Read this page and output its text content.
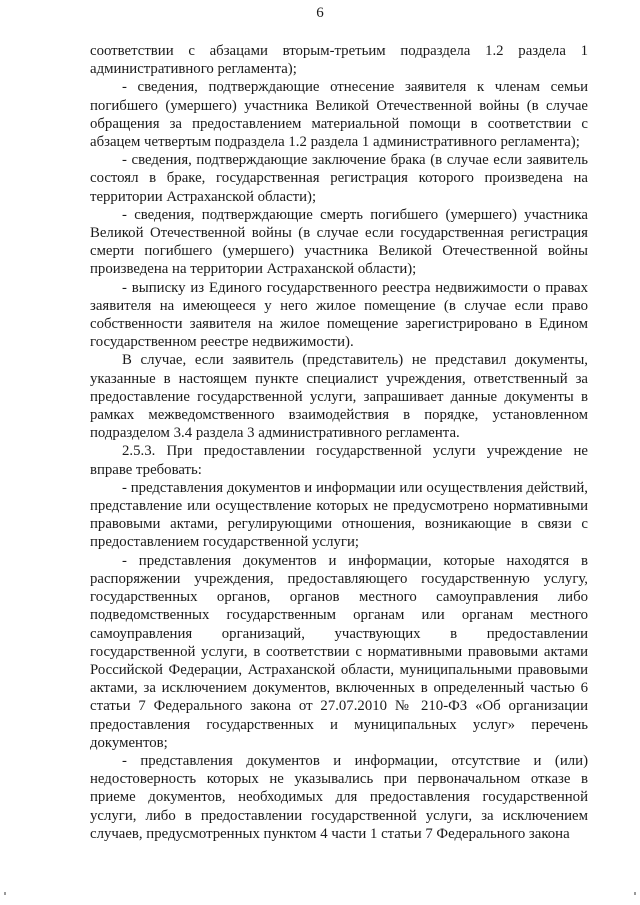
6

соответствии с абзацами вторым-третьим подраздела 1.2 раздела 1 административного регламента);

- сведения, подтверждающие отнесение заявителя к членам семьи погибшего (умершего) участника Великой Отечественной войны (в случае обращения за предоставлением материальной помощи в соответствии с абзацем четвертым подраздела 1.2 раздела 1 административного регламента);

- сведения, подтверждающие заключение брака (в случае если заявитель состоял в браке, государственная регистрация которого произведена на территории Астраханской области);

- сведения, подтверждающие смерть погибшего (умершего) участника Великой Отечественной войны (в случае если государственная регистрация смерти погибшего (умершего) участника Великой Отечественной войны произведена на территории Астраханской области);

- выписку из Единого государственного реестра недвижимости о правах заявителя на имеющееся у него жилое помещение (в случае если право собственности заявителя на жилое помещение зарегистрировано в Едином государственном реестре недвижимости).

В случае, если заявитель (представитель) не представил документы, указанные в настоящем пункте специалист учреждения, ответственный за предоставление государственной услуги, запрашивает данные документы в рамках межведомственного взаимодействия в порядке, установленном подразделом 3.4 раздела 3 административного регламента.

2.5.3. При предоставлении государственной услуги учреждение не вправе требовать:

- представления документов и информации или осуществления действий, представление или осуществление которых не предусмотрено нормативными правовыми актами, регулирующими отношения, возникающие в связи с предоставлением государственной услуги;

- представления документов и информации, которые находятся в распоряжении учреждения, предоставляющего государственную услугу, государственных органов, органов местного самоуправления либо подведомственных государственным органам или органам местного самоуправления организаций, участвующих в предоставлении государственной услуги, в соответствии с нормативными правовыми актами Российской Федерации, Астраханской области, муниципальными правовыми актами, за исключением документов, включенных в определенный частью 6 статьи 7 Федерального закона от 27.07.2010 № 210-ФЗ «Об организации предоставления государственных и муниципальных услуг» перечень документов;

- представления документов и информации, отсутствие и (или) недостоверность которых не указывались при первоначальном отказе в приеме документов, необходимых для предоставления государственной услуги, либо в предоставлении государственной услуги, за исключением случаев, предусмотренных пунктом 4 части 1 статьи 7 Федерального закона
